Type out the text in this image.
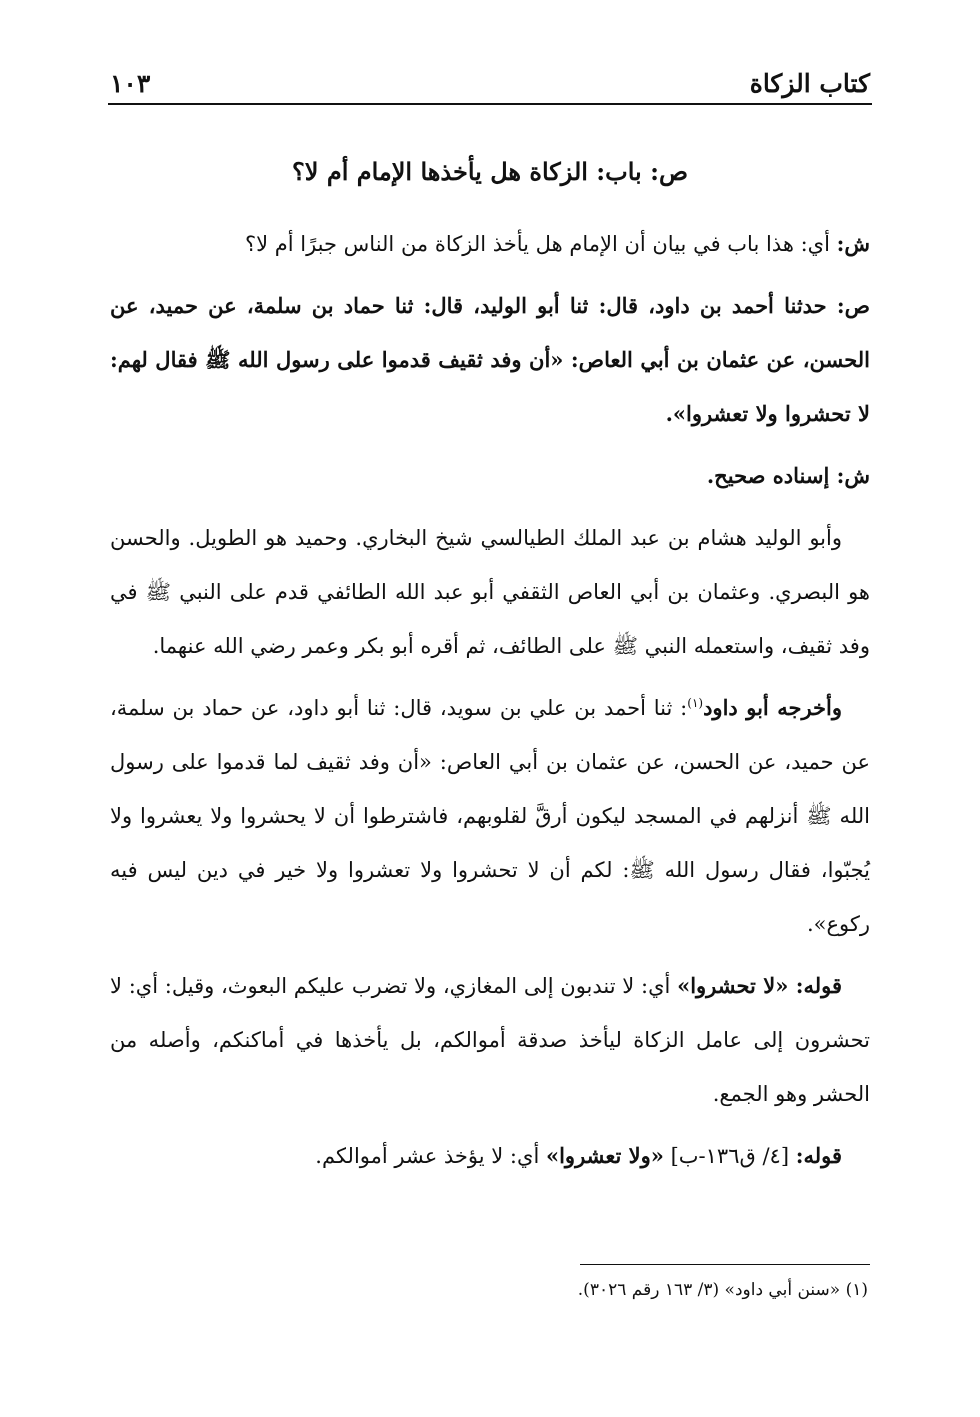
كتاب الزكاة
١٠٣
ص: باب: الزكاة هل يأخذها الإمام أم لا؟

ش: أي: هذا باب في بيان أن الإمام هل يأخذ الزكاة من الناس جبرًا أم لا؟

ص: حدثنا أحمد بن داود، قال: ثنا أبو الوليد، قال: ثنا حماد بن سلمة، عن حميد، عن الحسن، عن عثمان بن أبي العاص: «أن وفد ثقيف قدموا على رسول الله ﷺ فقال لهم: لا تحشروا ولا تعشروا».

ش: إسناده صحيح.

وأبو الوليد هشام بن عبد الملك الطيالسي شيخ البخاري. وحميد هو الطويل. والحسن هو البصري. وعثمان بن أبي العاص الثقفي أبو عبد الله الطائفي قدم على النبي ﷺ في وفد ثقيف، واستعمله النبي ﷺ على الطائف، ثم أقره أبو بكر وعمر رضي الله عنهما.

وأخرجه أبو داود$^{(١)}$: ثنا أحمد بن علي بن سويد، قال: ثنا أبو داود، عن حماد بن سلمة، عن حميد، عن الحسن، عن عثمان بن أبي العاص: «أن وفد ثقيف لما قدموا على رسول الله ﷺ أنزلهم في المسجد ليكون أرقَّ لقلوبهم، فاشترطوا أن لا يحشروا ولا يعشروا ولا يُجبّوا، فقال رسول الله ﷺ: لكم أن لا تحشروا ولا تعشروا ولا خير في دين ليس فيه ركوع».

قوله: «لا تحشروا» أي: لا تندبون إلى المغازي، ولا تضرب عليكم البعوث، وقيل: أي: لا تحشرون إلى عامل الزكاة ليأخذ صدقة أموالكم، بل يأخذها في أماكنكم، وأصله من الحشر وهو الجمع.

قوله: [٤/ ق١٣٦-ب] «ولا تعشروا» أي: لا يؤخذ عشر أموالكم.

(١) «سنن أبي داود» (٣/ ١٦٣ رقم ٣٠٢٦).
